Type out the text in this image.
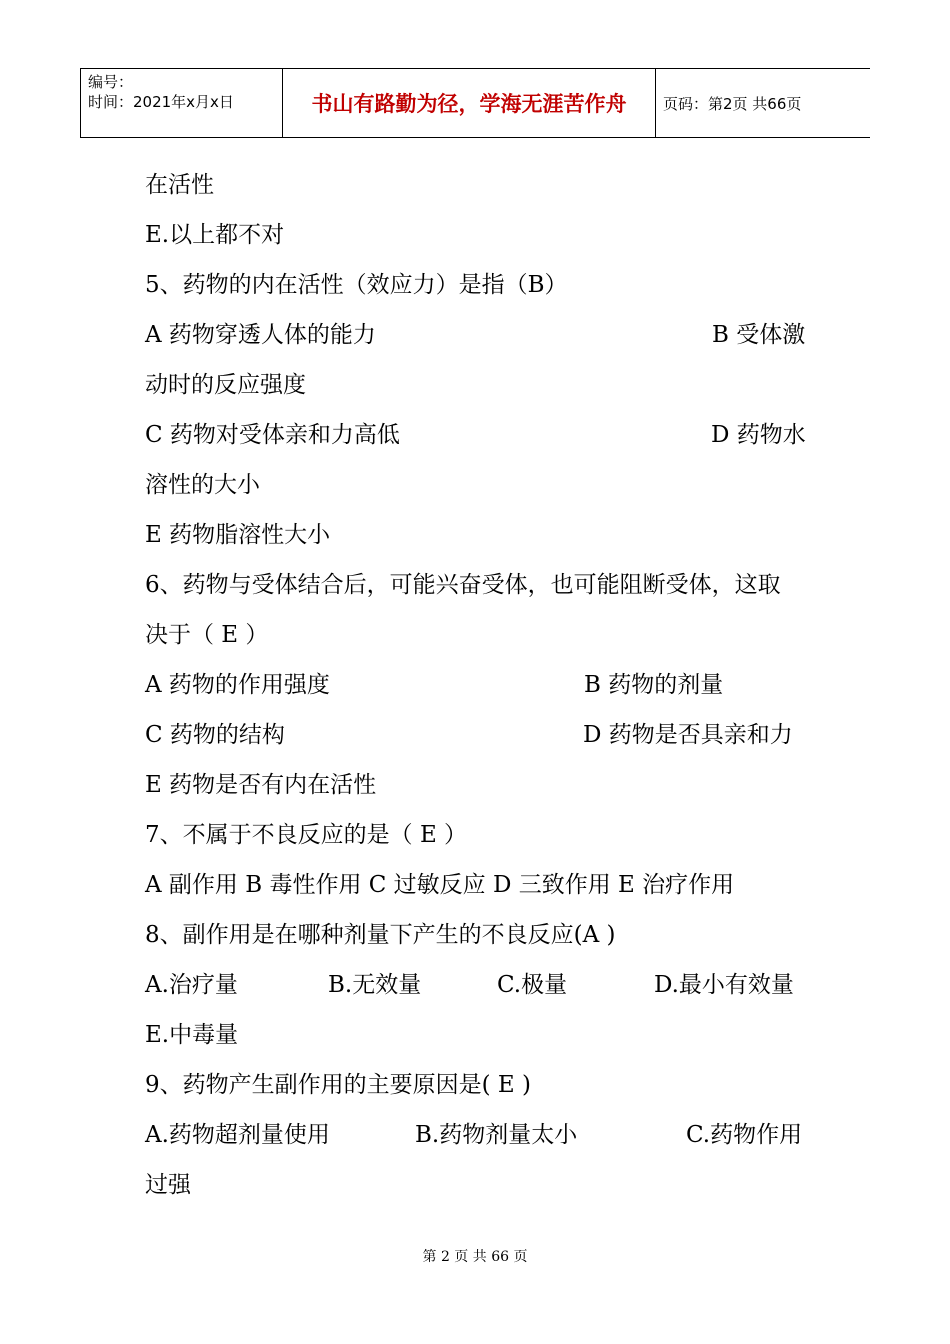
编号：
时间：2021年x月x日	书山有路勤为径，学海无涯苦作舟	页码：第2页 共66页
在活性
E.以上都不对
5、药物的内在活性（效应力）是指（B）
A 药物穿透人体的能力	B 受体激
动时的反应强度
C 药物对受体亲和力高低	D 药物水
溶性的大小
E 药物脂溶性大小
6、药物与受体结合后，可能兴奋受体，也可能阻断受体，这取
决于（ E ）
A 药物的作用强度	B 药物的剂量
C 药物的结构	D 药物是否具亲和力
E 药物是否有内在活性
7、不属于不良反应的是（ E ）
A 副作用 B 毒性作用 C 过敏反应 D 三致作用 E 治疗作用
8、副作用是在哪种剂量下产生的不良反应(A )
A.治疗量	B.无效量	C.极量	D.最小有效量
E.中毒量
9、药物产生副作用的主要原因是( E )
A.药物超剂量使用	B.药物剂量太小	C.药物作用
过强
第 2 页 共 66 页
